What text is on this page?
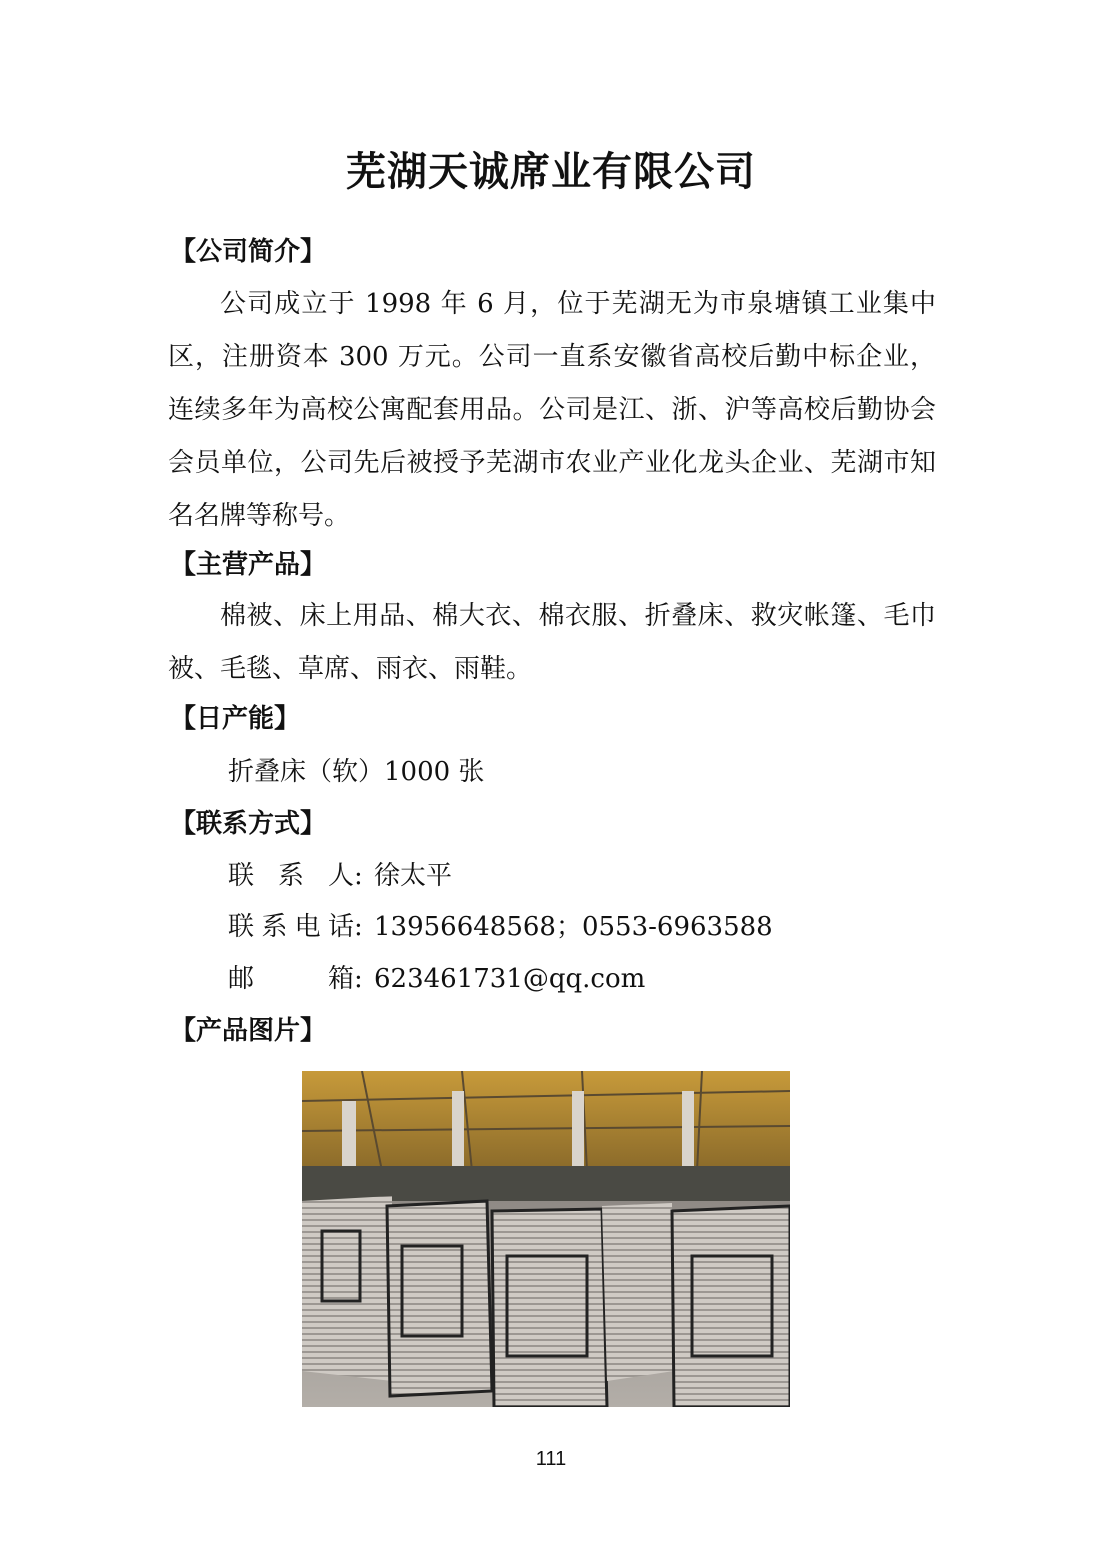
芜湖天诚席业有限公司
【公司简介】

公司成立于 1998 年 6 月，位于芜湖无为市泉塘镇工业集中区，注册资本 300 万元。公司一直系安徽省高校后勤中标企业，连续多年为高校公寓配套用品。公司是江、浙、沪等高校后勤协会会员单位，公司先后被授予芜湖市农业产业化龙头企业、芜湖市知名名牌等称号。

【主营产品】

棉被、床上用品、棉大衣、棉衣服、折叠床、救灾帐篷、毛巾被、毛毯、草席、雨衣、雨鞋。

【日产能】
折叠床（软）1000 张
【联系方式】
联系人 : 徐太平
联系电话 : 13956648568；0553-6963588
邮箱 : 623461731@qq.com
【产品图片】
111
